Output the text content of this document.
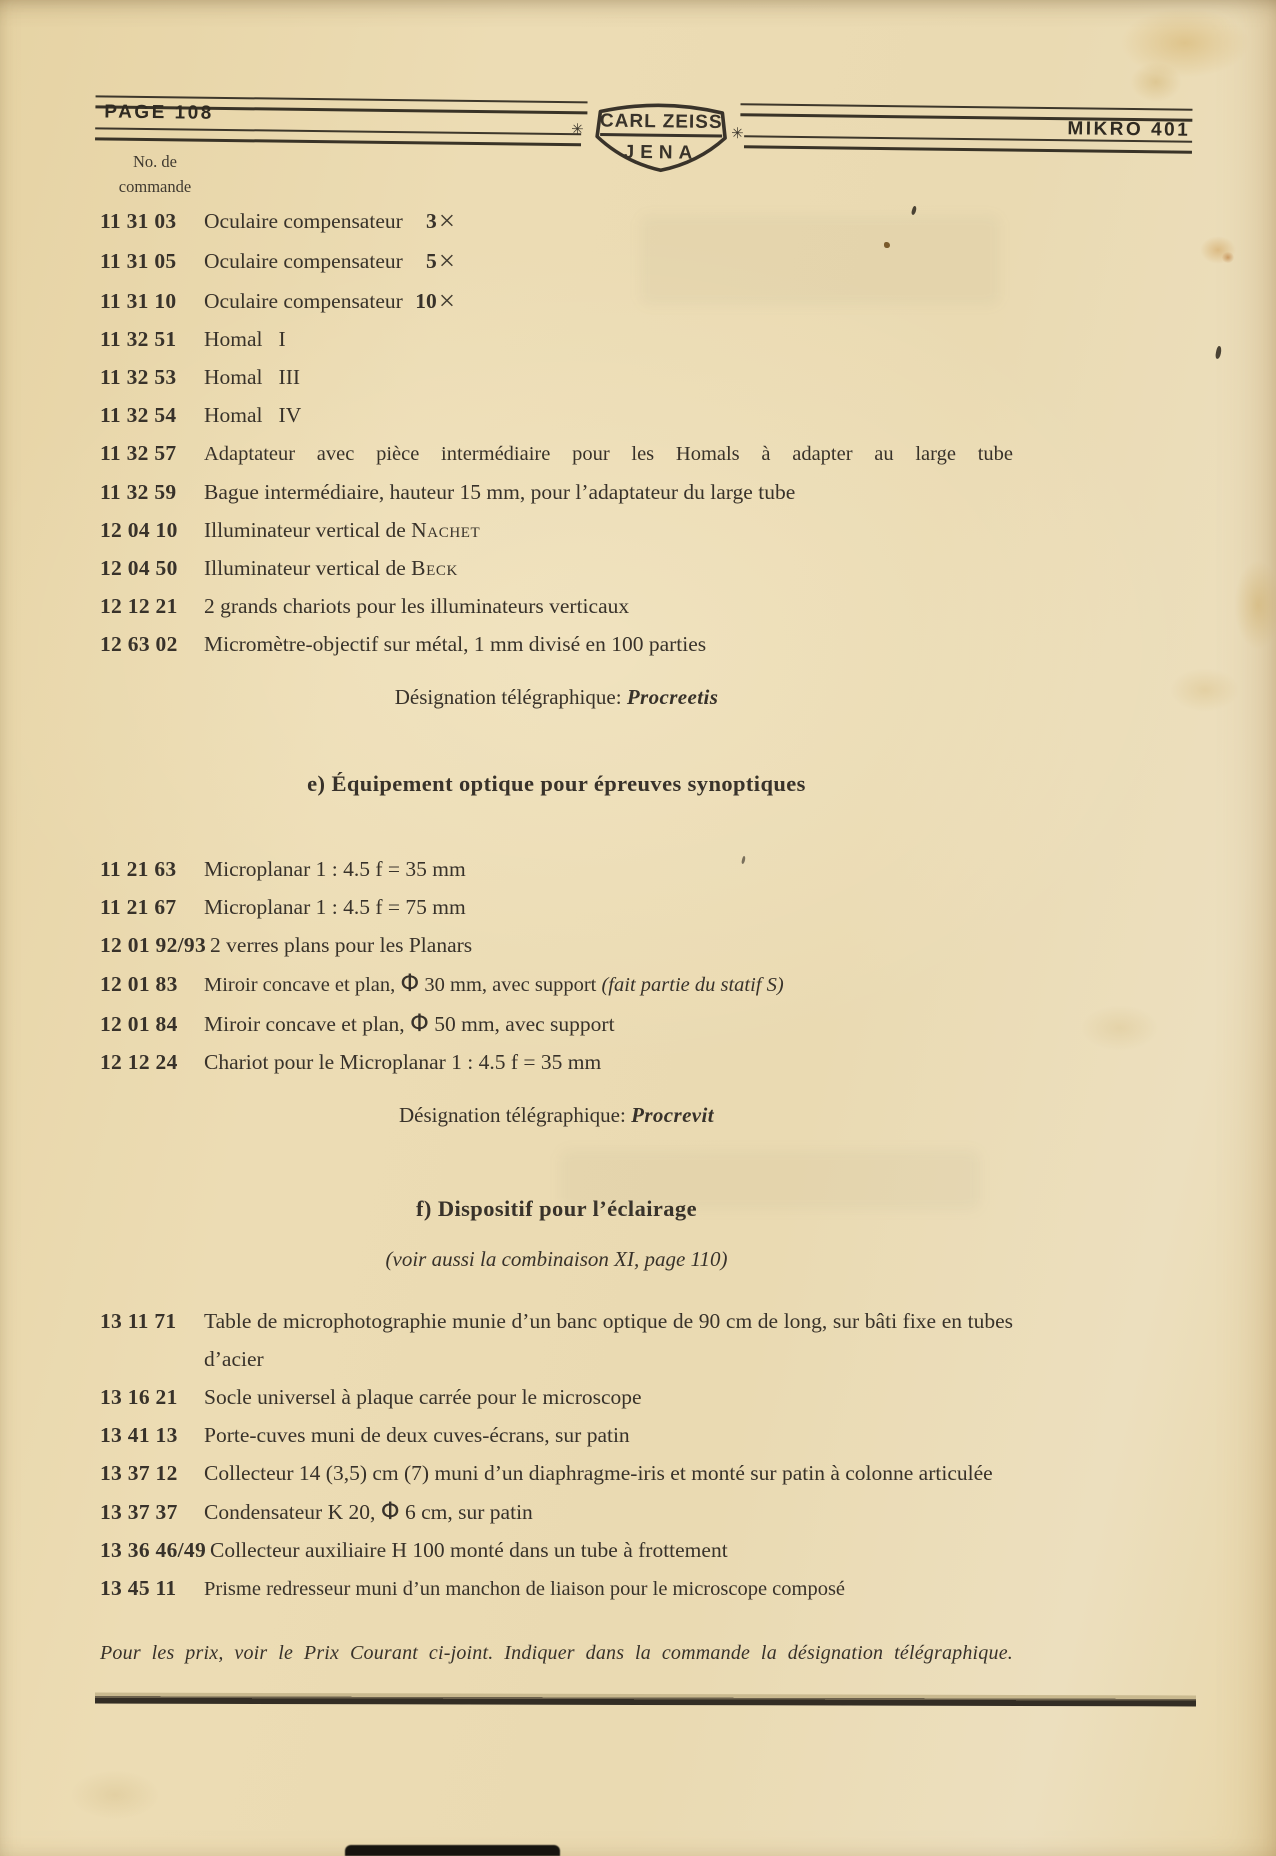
PAGE 108
MIKRO 401
✳	✳
CARL ZEISS
JENA
No. de
commande
11 31 03	Oculaire compensateur 3×
11 31 05	Oculaire compensateur 5×
11 31 10	Oculaire compensateur 10×
11 32 51	Homal I
11 32 53	Homal III
11 32 54	Homal IV
11 32 57	Adaptateur avec pièce intermédiaire pour les Homals à adapter au large tube
11 32 59	Bague intermédiaire, hauteur 15 mm, pour l’adaptateur du large tube
12 04 10	Illuminateur vertical de Nachet
12 04 50	Illuminateur vertical de Beck
12 12 21	2 grands chariots pour les illuminateurs verticaux
12 63 02	Micromètre-objectif sur métal, 1 mm divisé en 100 parties
Désignation télégraphique: Procreetis
e) Équipement optique pour épreuves synoptiques
11 21 63	Microplanar 1 : 4.5 f = 35 mm
11 21 67	Microplanar 1 : 4.5 f = 75 mm
12 01 92/93 2 verres plans pour les Planars
12 01 83	Miroir concave et plan, Φ 30 mm, avec support (fait partie du statif S)
12 01 84	Miroir concave et plan, Φ 50 mm, avec support
12 12 24	Chariot pour le Microplanar 1 : 4.5 f = 35 mm
Désignation télégraphique: Procrevit
f) Dispositif pour l’éclairage
(voir aussi la combinaison XI, page 110)
13 11 71	Table de microphotographie munie d’un banc optique de 90 cm de long, sur bâti fixe en tubes d’acier
13 16 21	Socle universel à plaque carrée pour le microscope
13 41 13	Porte-cuves muni de deux cuves-écrans, sur patin
13 37 12	Collecteur 14 (3,5) cm (7) muni d’un diaphragme-iris et monté sur patin à colonne articulée
13 37 37	Condensateur K 20, Φ 6 cm, sur patin
13 36 46/49 Collecteur auxiliaire H 100 monté dans un tube à frottement
13 45 11	Prisme redresseur muni d’un manchon de liaison pour le microscope composé
Pour les prix, voir le Prix Courant ci-joint. Indiquer dans la commande la désignation télégraphique.
